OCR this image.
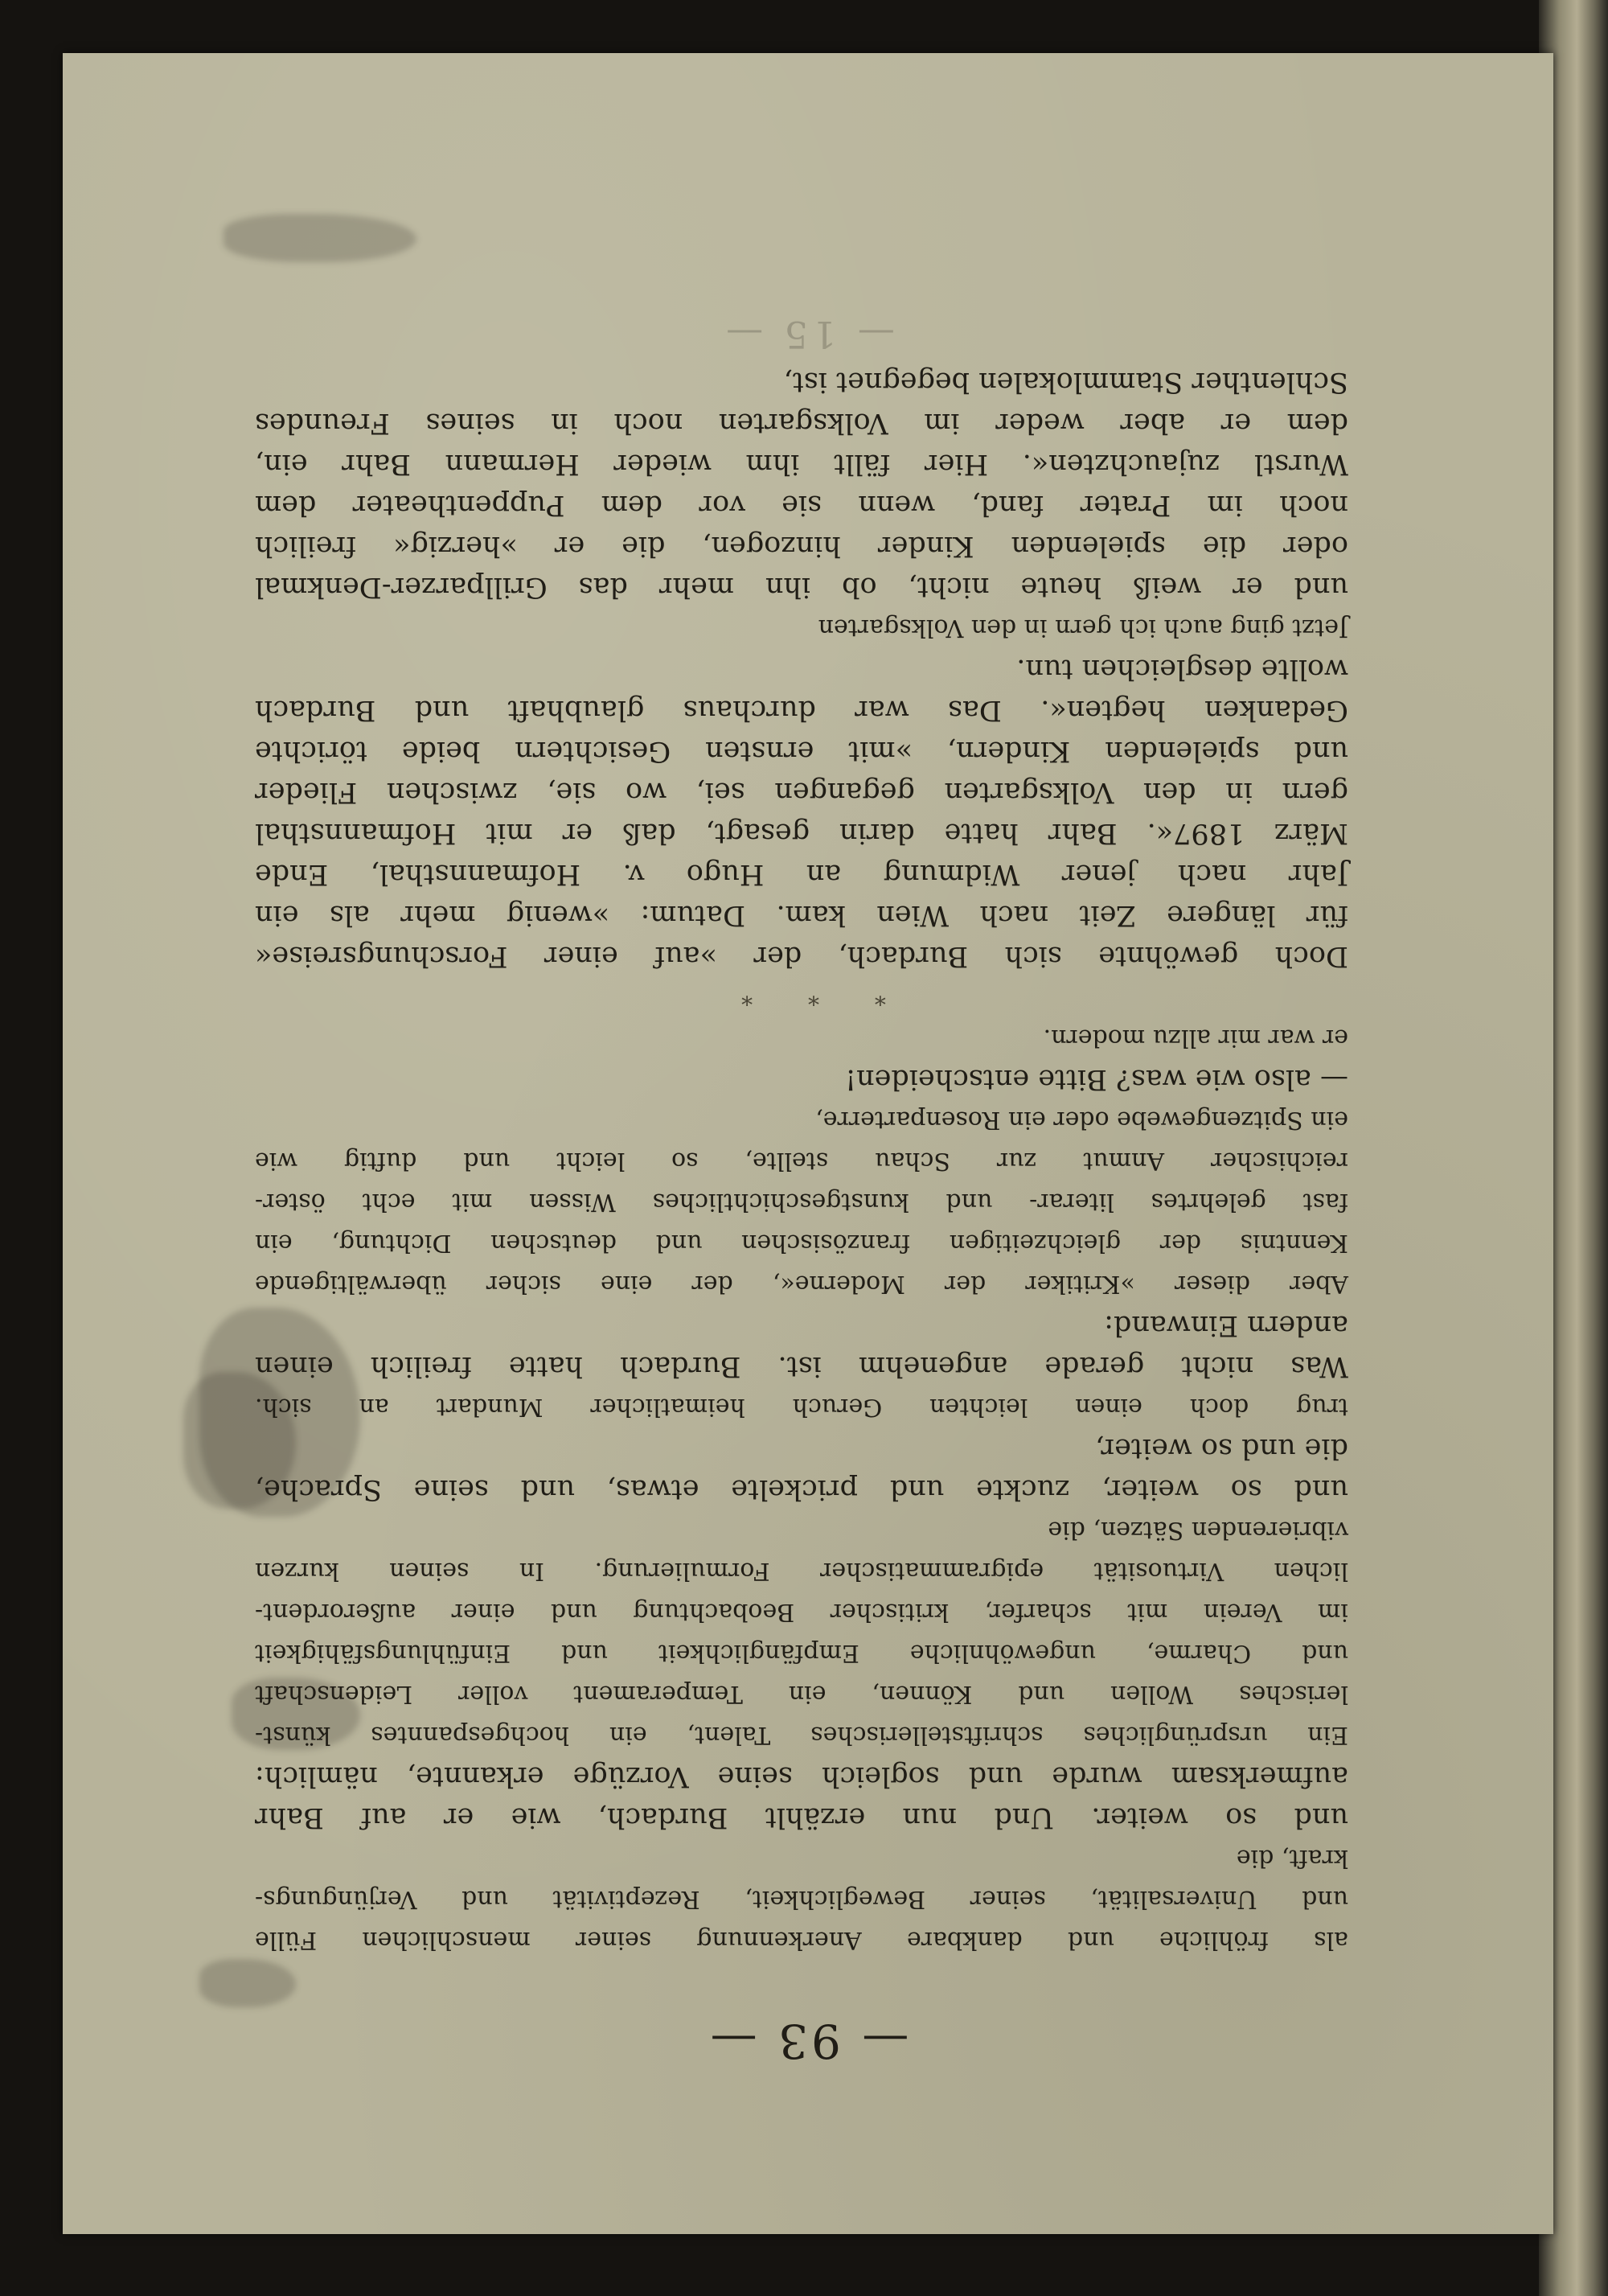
— 93 —
— 15 —
als fröhliche und dankbare Anerkennung seiner menschlichen Fülle
und Universalität, seiner Beweglichkeit, Rezeptivität und Verjüngungs-
kraft, die
und so weiter. Und nun erzählt Burdach, wie er auf Bahr
aufmerksam wurde und sogleich seine Vorzüge erkannte, nämlich:
Ein ursprüngliches schriftstellerisches Talent, ein hochgespanntes künst-
lerisches Wollen und Können, ein Temperament voller Leidenschaft
und Charme, ungewöhnliche Empfänglichkeit und Einfühlungsfähigkeit
im Verein mit scharfer, kritischer Beobachtung und einer außerordent-
lichen Virtuosität epigrammatischer Formulierung. In seinen kurzen
vibrierenden Sätzen, die
und so weiter, zuckte und prickelte etwas, und seine Sprache,
die und so weiter,
trug doch einen leichten Geruch heimatlicher Mundart an sich.
Was nicht gerade angenehm ist. Burdach hatte freilich einen
andern Einwand:
Aber dieser »Kritiker der Moderne«, der eine sicher überwältigende
Kenntnis der gleichzeitigen französischen und deutschen Dichtung, ein
fast gelehrtes literar- und kunstgeschichtliches Wissen mit echt öster-
reichischer Anmut zur Schau stellte, so leicht und duftig wie
ein Spitzengewebe oder ein Rosenparterre,
— also wie was? Bitte entscheiden!
er war mir allzu modern.
* * *
Doch gewöhnte sich Burdach, der »auf einer Forschungsreise«
für längere Zeit nach Wien kam. Datum: »wenig mehr als ein
Jahr nach jener Widmung an Hugo v. Hofmannsthal, Ende
März 1897«. Bahr hatte darin gesagt, daß er mit Hofmannsthal
gern in den Volksgarten gegangen sei, wo sie, zwischen Flieder
und spielenden Kindern, »mit ernsten Gesichtern beide törichte
Gedanken hegten«. Das war durchaus glaubhaft und Burdach
wollte desgleichen tun.
Jetzt ging auch ich gern in den Volksgarten
und er weiß heute nicht, ob ihn mehr das Grillparzer-Denkmal
oder die spielenden Kinder hinzogen, die er »herzig« freilich
noch im Prater fand, wenn sie vor dem Puppentheater dem
Wurstl zujauchzten«. Hier fällt ihm wieder Hermann Bahr ein,
dem er aber weder im Volksgarten noch in seines Freundes
Schlenther Stammlokalen begegnet ist,
